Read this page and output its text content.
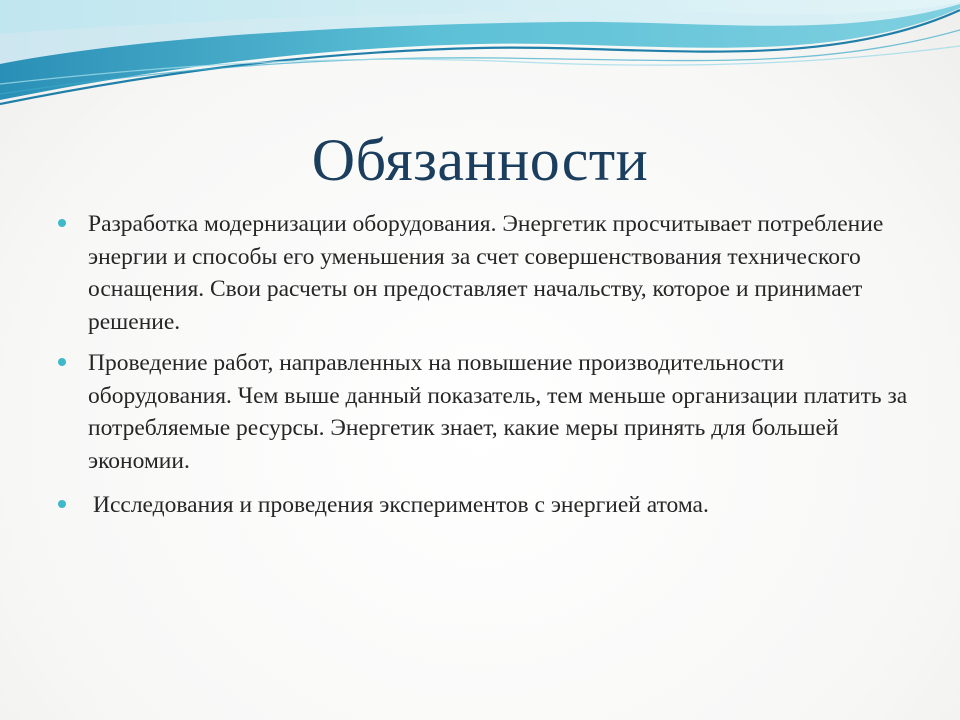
Обязанности
Разработка модернизации оборудования. Энергетик просчитывает потребление энергии и способы его уменьшения за счет совершенствования технического оснащения. Свои расчеты он предоставляет начальству, которое и принимает решение.
Проведение работ, направленных на повышение производительности оборудования. Чем выше данный показатель, тем меньше организации платить за потребляемые ресурсы. Энергетик знает, какие меры принять для большей экономии.
Исследования и проведения экспериментов с энергией атома.
